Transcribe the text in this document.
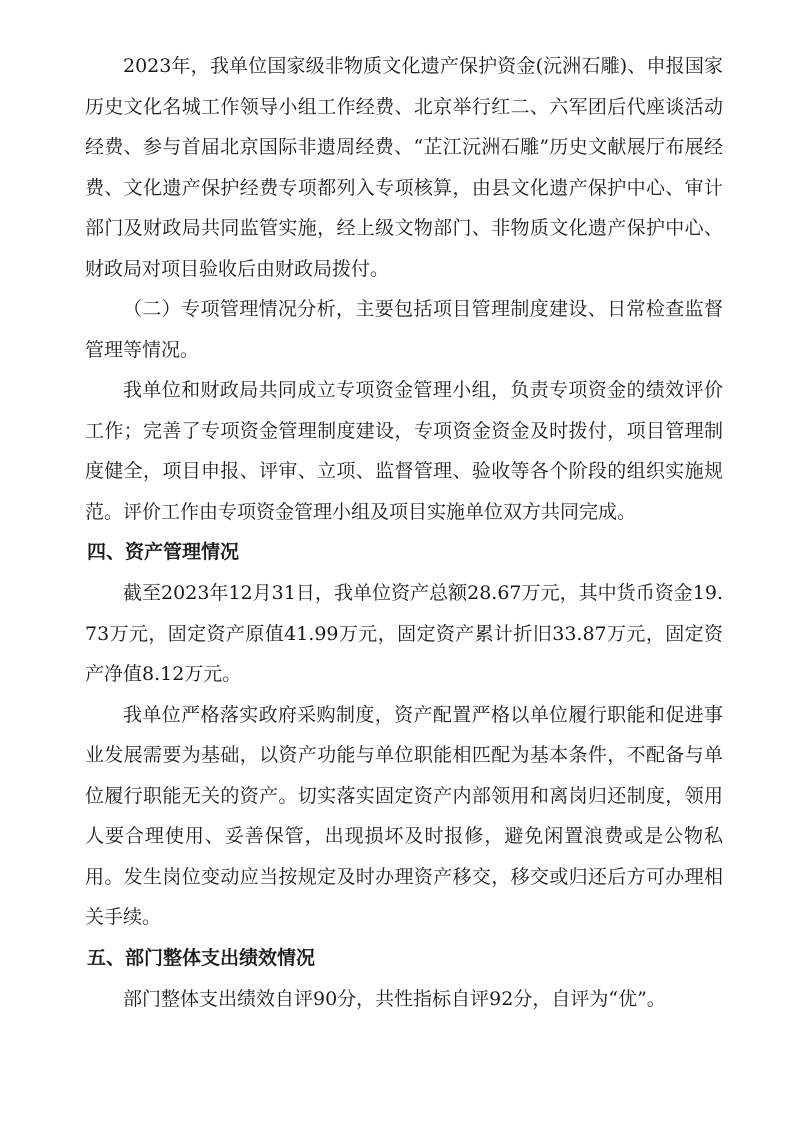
2023年，我单位国家级非物质文化遗产保护资金(沅洲石雕)、申报国家历史文化名城工作领导小组工作经费、北京举行红二、六军团后代座谈活动经费、参与首届北京国际非遗周经费、“芷江沅洲石雕”历史文献展厅布展经费、文化遗产保护经费专项都列入专项核算，由县文化遗产保护中心、审计部门及财政局共同监管实施，经上级文物部门、非物质文化遗产保护中心、财政局对项目验收后由财政局拨付。

（二）专项管理情况分析，主要包括项目管理制度建设、日常检查监督管理等情况。

我单位和财政局共同成立专项资金管理小组，负责专项资金的绩效评价工作；完善了专项资金管理制度建设，专项资金资金及时拨付，项目管理制度健全，项目申报、评审、立项、监督管理、验收等各个阶段的组织实施规范。评价工作由专项资金管理小组及项目实施单位双方共同完成。

四、资产管理情况

截至2023年12月31日，我单位资产总额28.67万元，其中货币资金19.73万元，固定资产原值41.99万元，固定资产累计折旧33.87万元，固定资产净值8.12万元。

我单位严格落实政府采购制度，资产配置严格以单位履行职能和促进事业发展需要为基础，以资产功能与单位职能相匹配为基本条件，不配备与单位履行职能无关的资产。切实落实固定资产内部领用和离岗归还制度，领用人要合理使用、妥善保管，出现损坏及时报修，避免闲置浪费或是公物私用。发生岗位变动应当按规定及时办理资产移交，移交或归还后方可办理相关手续。

五、部门整体支出绩效情况

部门整体支出绩效自评90分，共性指标自评92分，自评为“优”。
